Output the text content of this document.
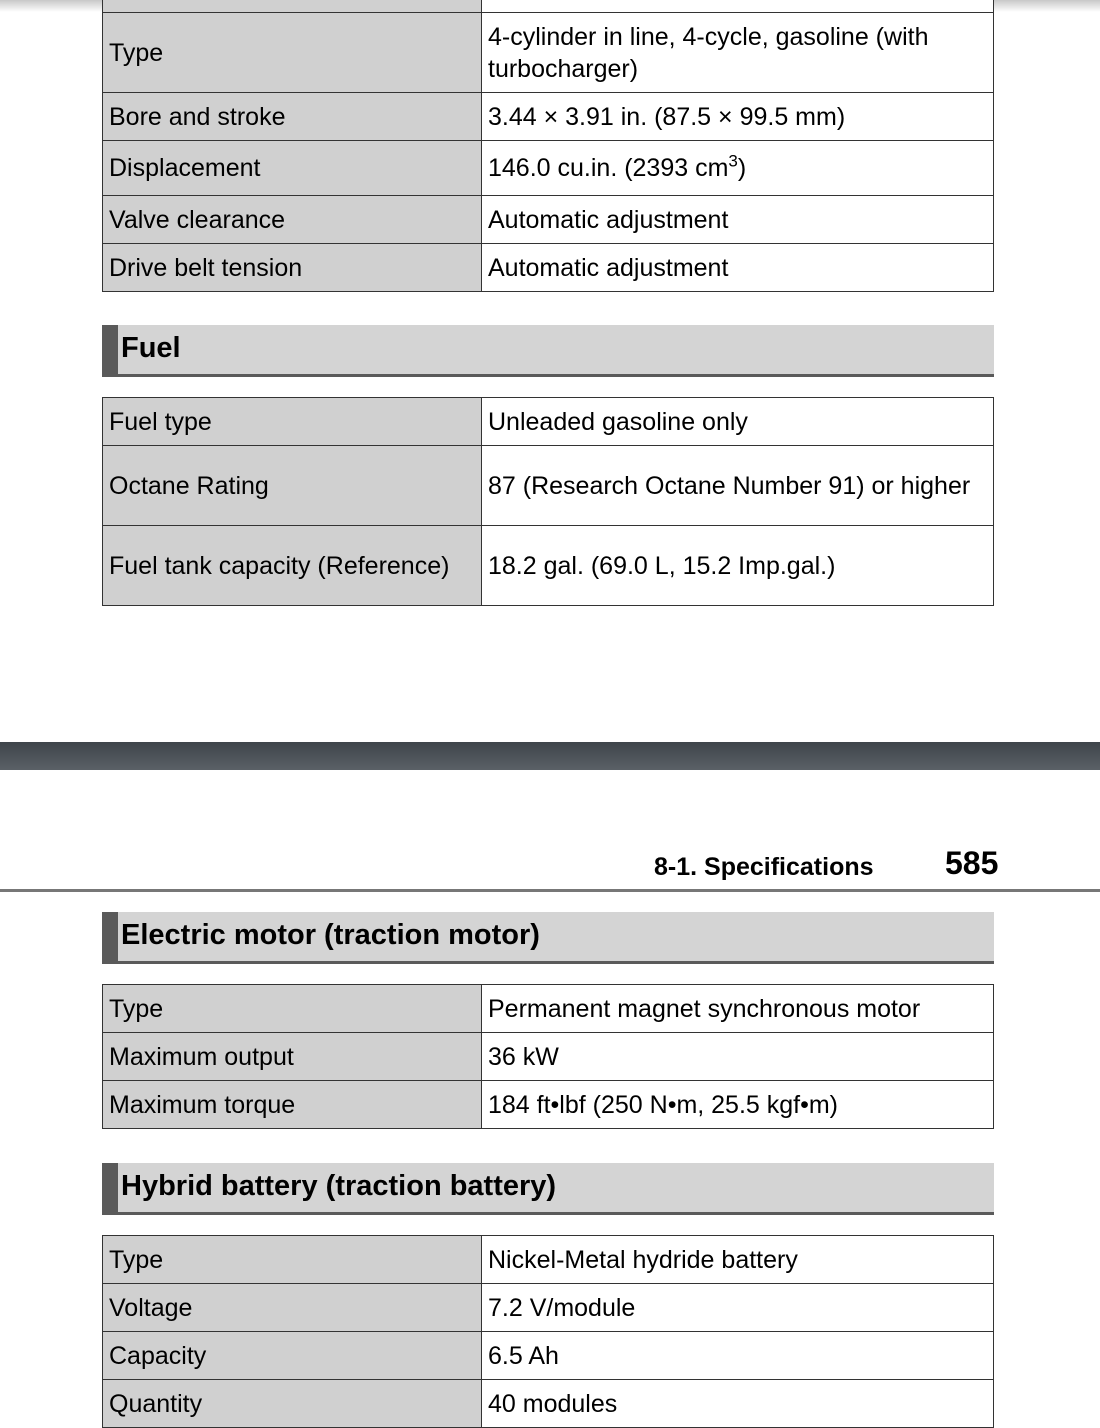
Type	4-cylinder in line, 4-cycle, gasoline (with turbocharger)
Bore and stroke	3.44 × 3.91 in. (87.5 × 99.5 mm)
Displacement	146.0 cu.in. (2393 $cm^3$)
Valve clearance	Automatic adjustment
Drive belt tension	Automatic adjustment
Fuel
Fuel type	Unleaded gasoline only
Octane Rating	87 (Research Octane Number 91) or higher
Fuel tank capacity (Reference)	18.2 gal. (69.0 L, 15.2 Imp.gal.)
8-1. Specifications 585
Electric motor (traction motor)
Type	Permanent magnet synchronous motor
Maximum output	36 kW
Maximum torque	184 ft•lbf (250 N•m, 25.5 kgf•m)
Hybrid battery (traction battery)
Type	Nickel-Metal hydride battery
Voltage	7.2 V/module
Capacity	6.5 Ah
Quantity	40 modules
